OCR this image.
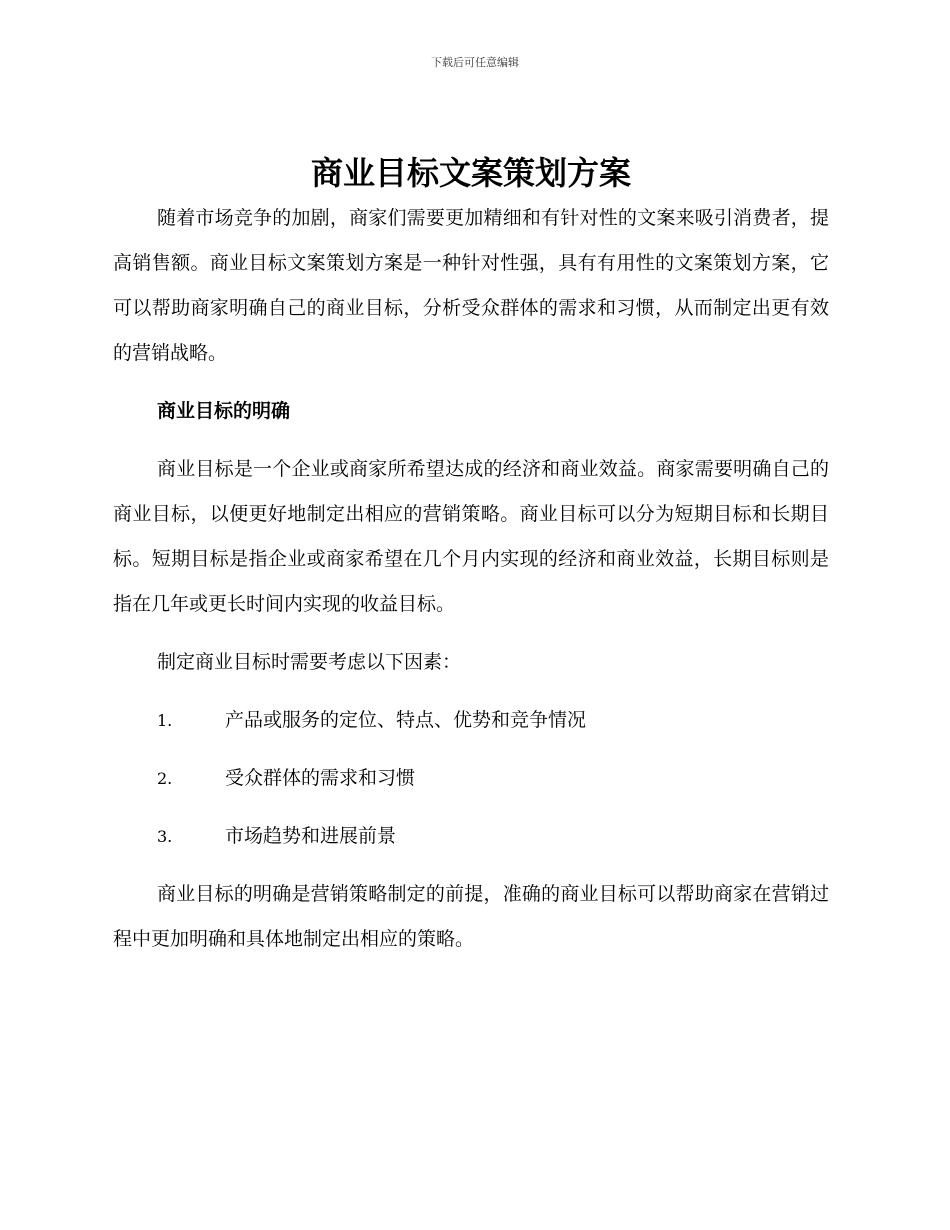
下载后可任意编辑
商业目标文案策划方案

随着市场竞争的加剧，商家们需要更加精细和有针对性的文案来吸引消费者，提高销售额。商业目标文案策划方案是一种针对性强，具有有用性的文案策划方案，它可以帮助商家明确自己的商业目标，分析受众群体的需求和习惯，从而制定出更有效的营销战略。

商业目标的明确

商业目标是一个企业或商家所希望达成的经济和商业效益。商家需要明确自己的商业目标，以便更好地制定出相应的营销策略。商业目标可以分为短期目标和长期目标。短期目标是指企业或商家希望在几个月内实现的经济和商业效益，长期目标则是指在几年或更长时间内实现的收益目标。

制定商业目标时需要考虑以下因素：

1.	产品或服务的定位、特点、优势和竞争情况
2.	受众群体的需求和习惯
3.	市场趋势和进展前景

商业目标的明确是营销策略制定的前提，准确的商业目标可以帮助商家在营销过程中更加明确和具体地制定出相应的策略。
